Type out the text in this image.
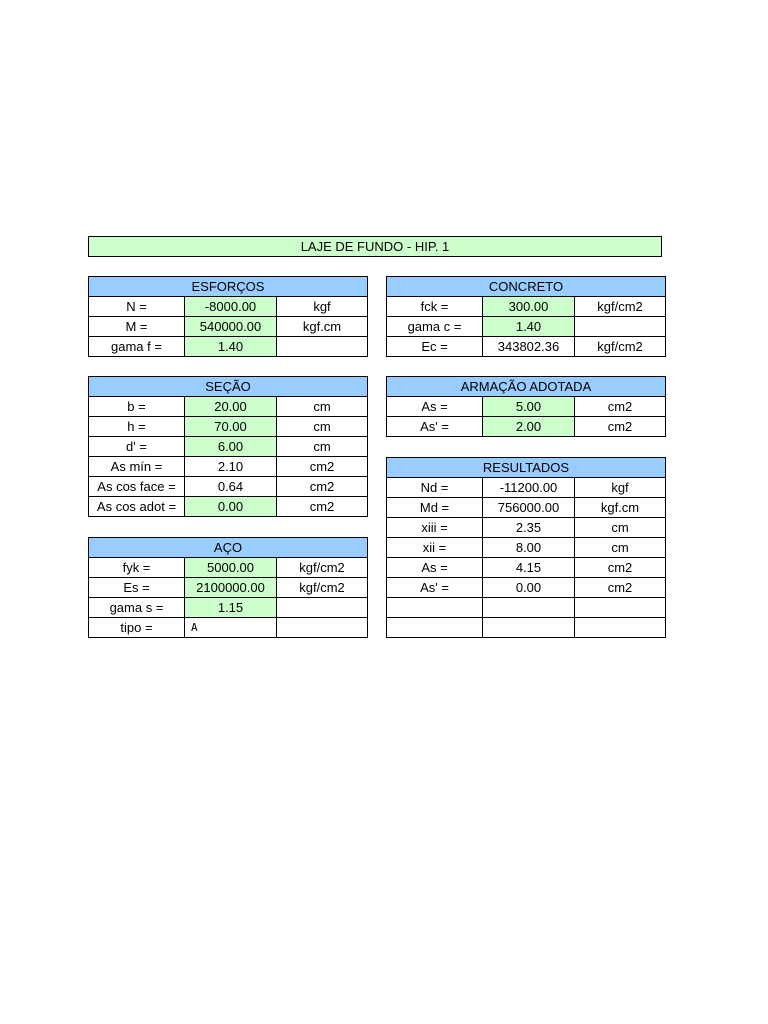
LAJE DE FUNDO - HIP. 1
ESFORÇOS		
N =	-8000.00	kgf
M =	540000.00	kgf.cm
gama f =	1.40	
CONCRETO		
fck =	300.00	kgf/cm2
gama c =	1.40	
Ec =	343802.36	kgf/cm2
SEÇÃO		
b =	20.00	cm
h =	70.00	cm
d' =	6.00	cm
As mín =	2.10	cm2
As cos face =	0.64	cm2
As cos adot =	0.00	cm2
ARMAÇÃO ADOTADA		
As =	5.00	cm2
As' =	2.00	cm2
RESULTADOS		
Nd =	-11200.00	kgf
Md =	756000.00	kgf.cm
xiii =	2.35	cm
xii =	8.00	cm
As =	4.15	cm2
As' =	0.00	cm2

AÇO		
fyk =	5000.00	kgf/cm2
Es =	2100000.00	kgf/cm2
gama s =	1.15	
tipo =	A	
